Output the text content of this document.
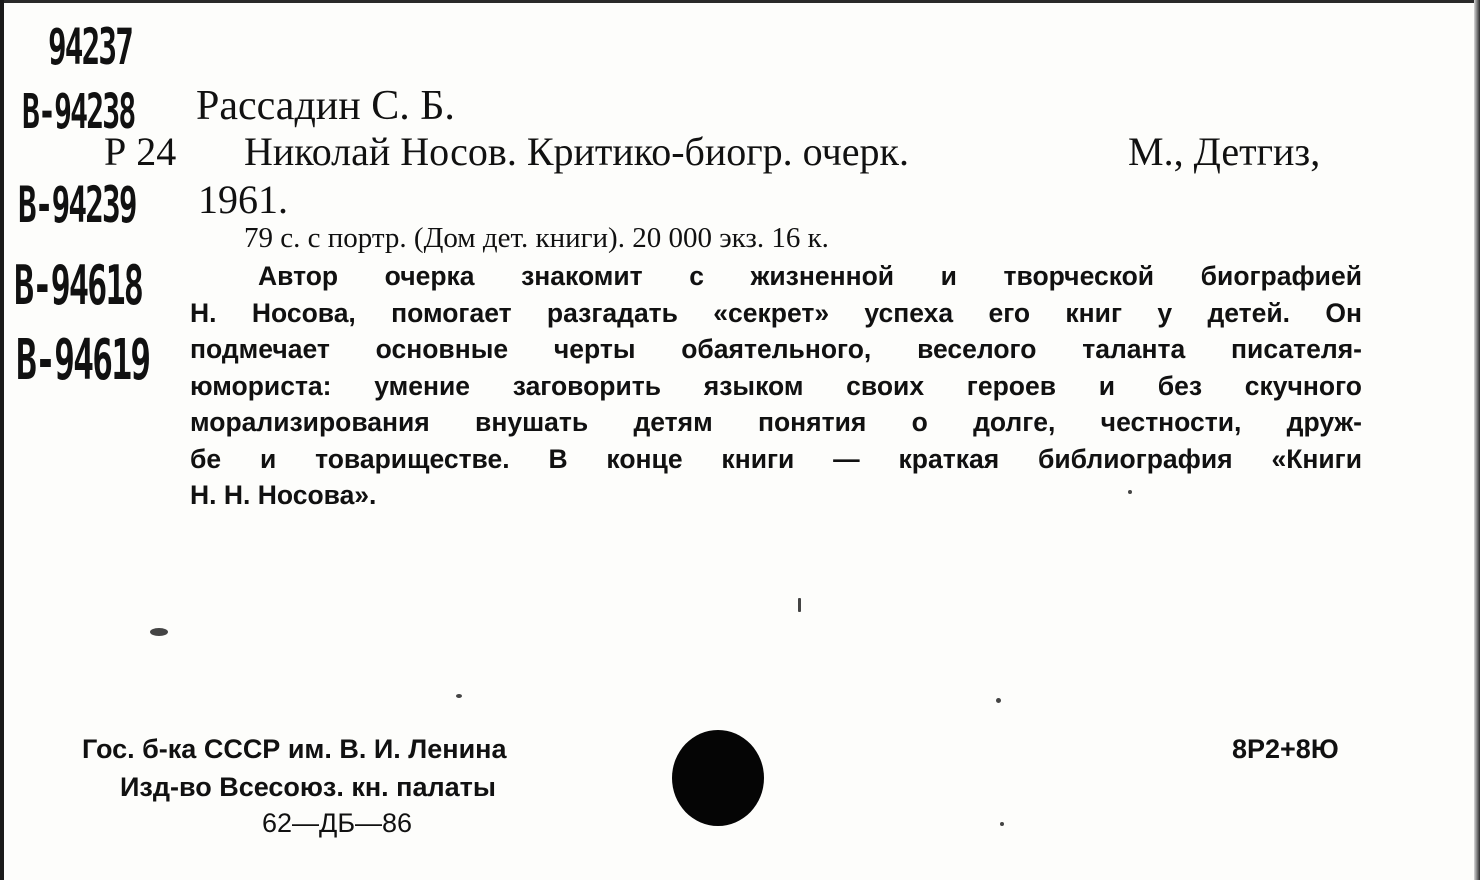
94237
В-94238
В-94239
В-94618
В-94619
Рассадин С. Б.
Р 24 Николай Носов. Критико-биогр. очерк.	М., Детгиз,
1961.
79 с. с портр. (Дом дет. книги). 20 000 экз. 16 к.
Автор очерка знакомит с жизненной и творческой биографией
Н. Носова, помогает разгадать «секрет» успеха его книг у детей. Он
подмечает основные черты обаятельного, веселого таланта писателя-
юмориста: умение заговорить языком своих героев и без скучного
морализирования внушать детям понятия о долге, честности, друж-
бе и товариществе. В конце книги — краткая библиография «Книги
Н. Н. Носова».
Гос. б-ка СССР им. В. И. Ленина
Изд-во Всесоюз. кн. палаты
62—ДБ—86
8Р2+8Ю
